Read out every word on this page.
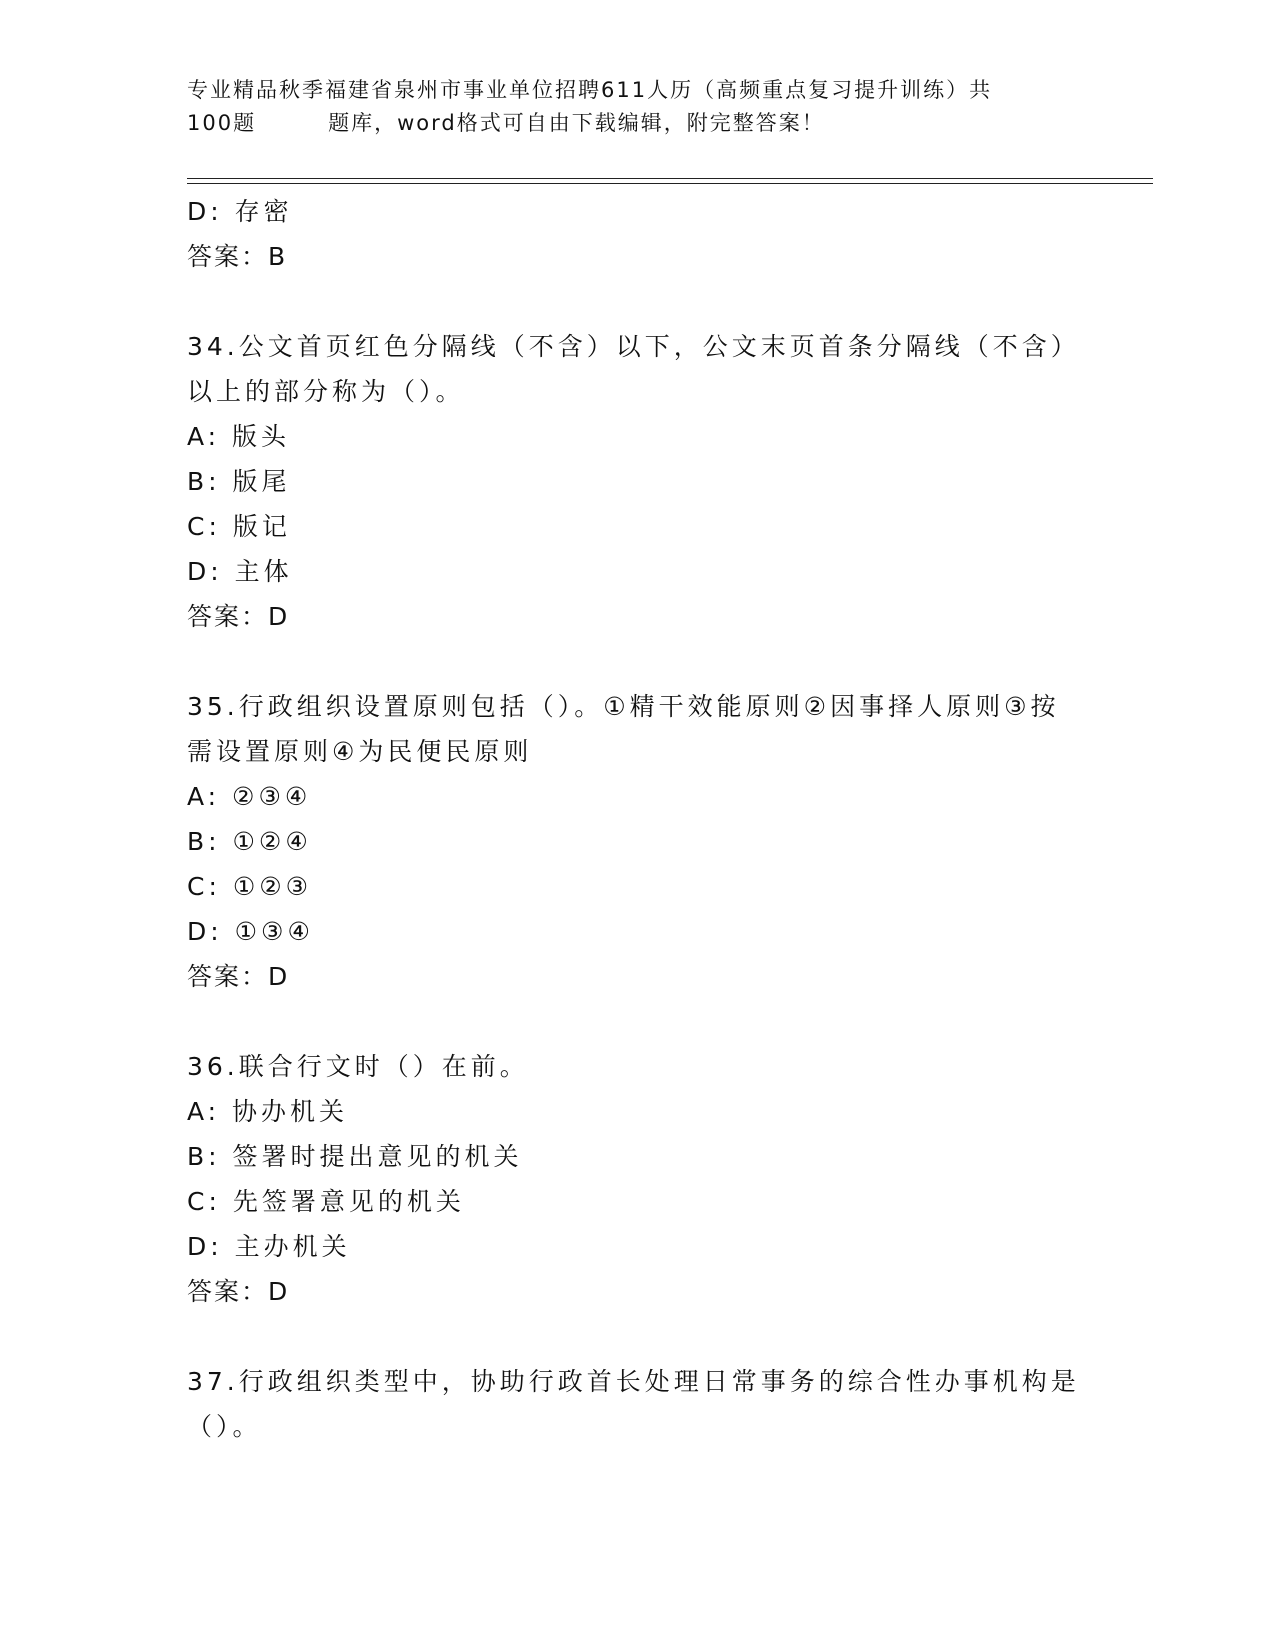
专业精品秋季福建省泉州市事业单位招聘611人历（高频重点复习提升训练）共
100题	题库，word格式可自由下载编辑，附完整答案！
D: 存密
答案：B
34.公文首页红色分隔线（不含）以下，公文末页首条分隔线（不含）
以上的部分称为（）。
A: 版头
B: 版尾
C: 版记
D: 主体
答案：D
35.行政组织设置原则包括（）。①精干效能原则②因事择人原则③按
需设置原则④为民便民原则
A: ②③④
B: ①②④
C: ①②③
D: ①③④
答案：D
36.联合行文时（）在前。
A: 协办机关
B: 签署时提出意见的机关
C: 先签署意见的机关
D: 主办机关
答案：D
37.行政组织类型中，协助行政首长处理日常事务的综合性办事机构是
（）。
